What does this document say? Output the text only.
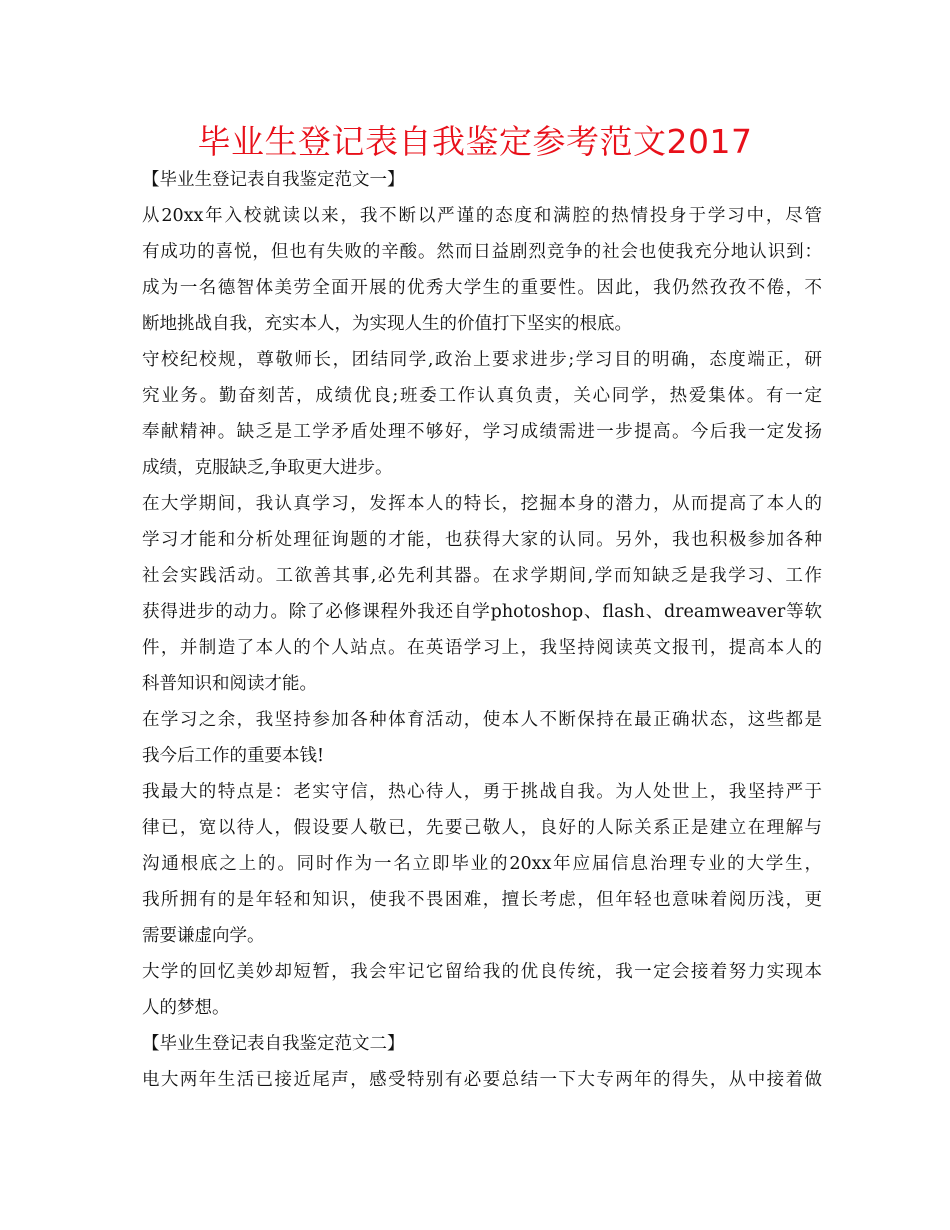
毕业生登记表自我鉴定参考范文2017
【毕业生登记表自我鉴定范文一】
从20xx年入校就读以来，我不断以严谨的态度和满腔的热情投身于学习中，尽管
有成功的喜悦，但也有失败的辛酸。然而日益剧烈竞争的社会也使我充分地认识到：
成为一名德智体美劳全面开展的优秀大学生的重要性。因此，我仍然孜孜不倦，不
断地挑战自我，充实本人，为实现人生的价值打下坚实的根底。
守校纪校规，尊敬师长，团结同学,政治上要求进步;学习目的明确，态度端正，研
究业务。勤奋刻苦，成绩优良;班委工作认真负责，关心同学，热爱集体。有一定
奉献精神。缺乏是工学矛盾处理不够好，学习成绩需进一步提高。今后我一定发扬
成绩，克服缺乏,争取更大进步。
在大学期间，我认真学习，发挥本人的特长，挖掘本身的潜力，从而提高了本人的
学习才能和分析处理征询题的才能，也获得大家的认同。另外，我也积极参加各种
社会实践活动。工欲善其事,必先利其器。在求学期间,学而知缺乏是我学习、工作
获得进步的动力。除了必修课程外我还自学photoshop、flash、dreamweaver等软
件，并制造了本人的个人站点。在英语学习上，我坚持阅读英文报刊，提高本人的
科普知识和阅读才能。
在学习之余，我坚持参加各种体育活动，使本人不断保持在最正确状态，这些都是
我今后工作的重要本钱!
我最大的特点是：老实守信，热心待人，勇于挑战自我。为人处世上，我坚持严于
律已，宽以待人，假设要人敬已，先要己敬人，良好的人际关系正是建立在理解与
沟通根底之上的。同时作为一名立即毕业的20xx年应届信息治理专业的大学生，
我所拥有的是年轻和知识，使我不畏困难，擅长考虑，但年轻也意味着阅历浅，更
需要谦虚向学。
大学的回忆美妙却短暂，我会牢记它留给我的优良传统，我一定会接着努力实现本
人的梦想。
【毕业生登记表自我鉴定范文二】
电大两年生活已接近尾声，感受特别有必要总结一下大专两年的得失，从中接着做
